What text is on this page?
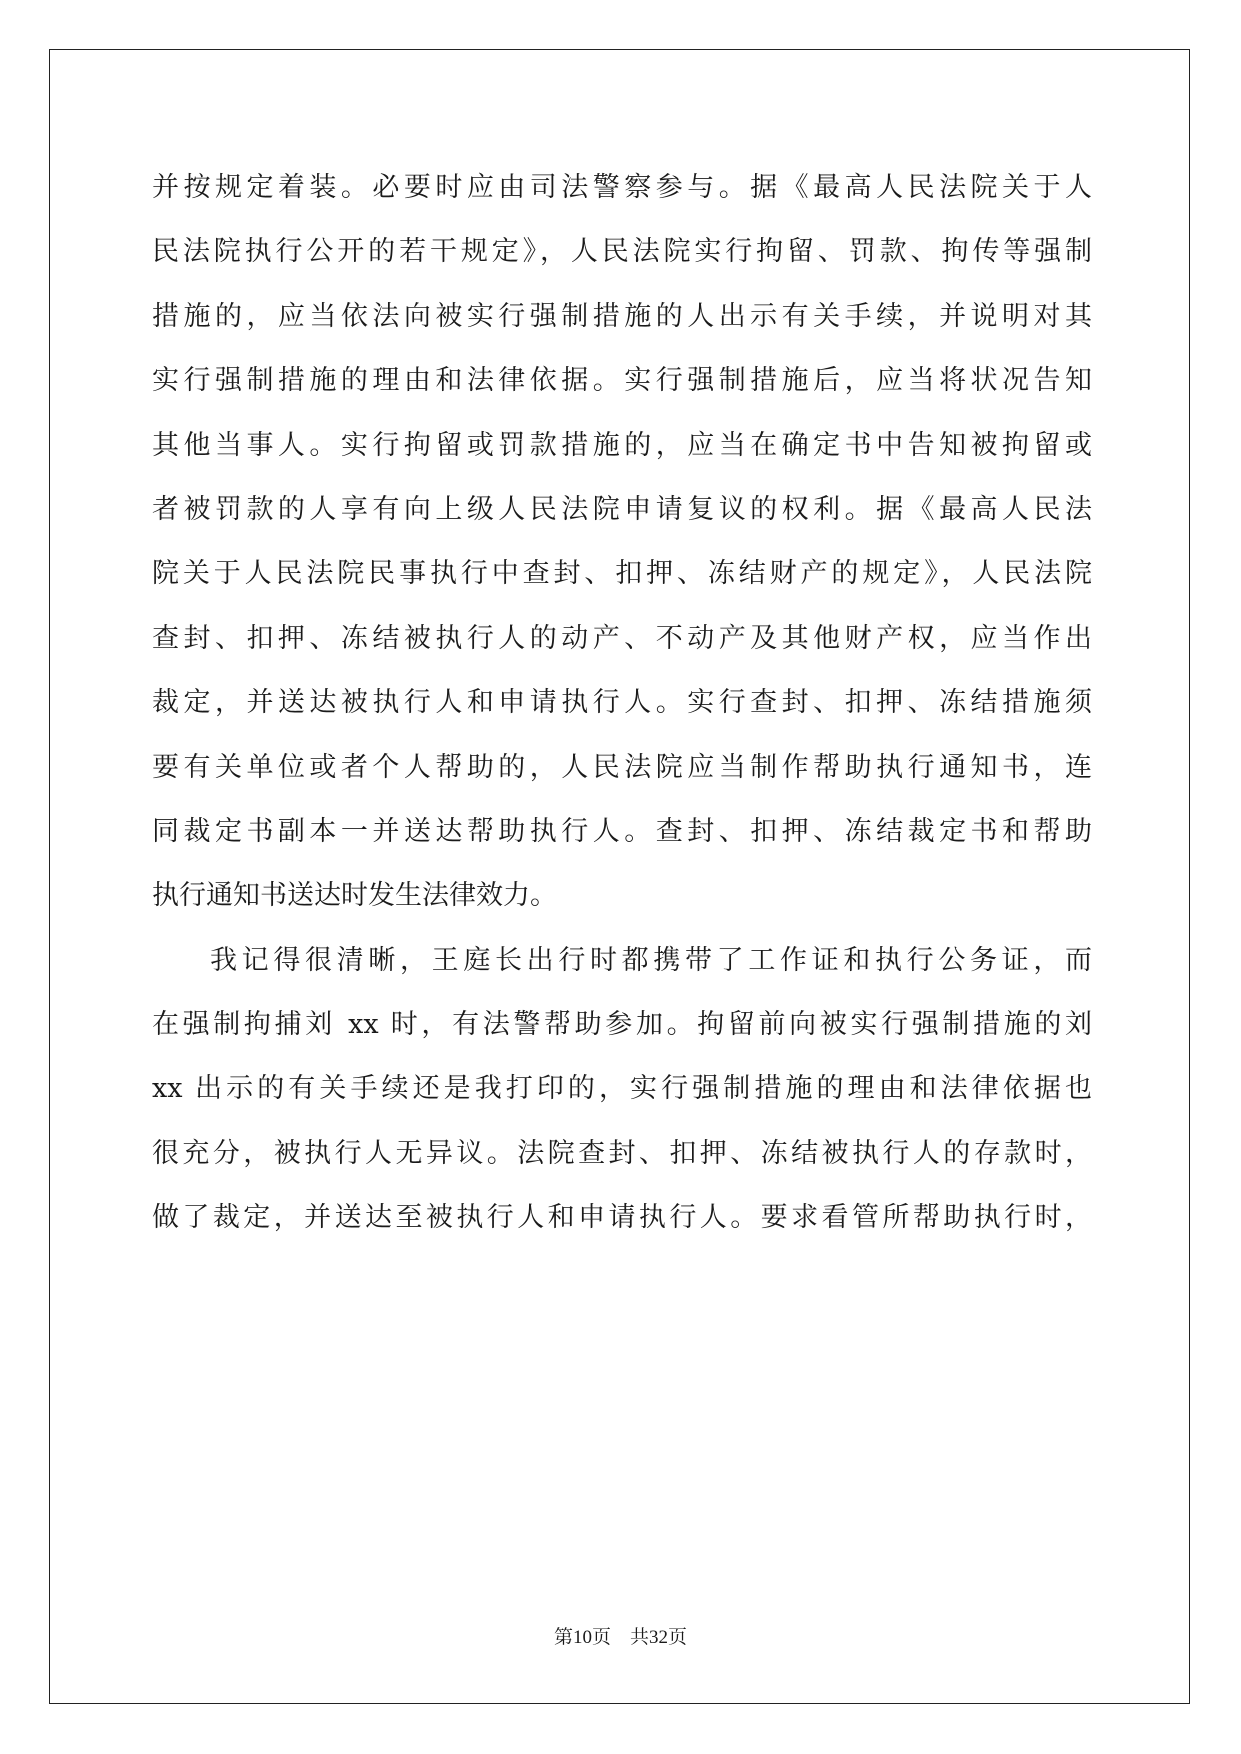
并按规定着装。必要时应由司法警察参与。据《最高人民法院关于人
民法院执行公开的若干规定》，人民法院实行拘留、罚款、拘传等强制
措施的，应当依法向被实行强制措施的人出示有关手续，并说明对其
实行强制措施的理由和法律依据。实行强制措施后，应当将状况告知
其他当事人。实行拘留或罚款措施的，应当在确定书中告知被拘留或
者被罚款的人享有向上级人民法院申请复议的权利。据《最高人民法
院关于人民法院民事执行中查封、扣押、冻结财产的规定》，人民法院
查封、扣押、冻结被执行人的动产、不动产及其他财产权，应当作出
裁定，并送达被执行人和申请执行人。实行查封、扣押、冻结措施须
要有关单位或者个人帮助的，人民法院应当制作帮助执行通知书，连
同裁定书副本一并送达帮助执行人。查封、扣押、冻结裁定书和帮助
执行通知书送达时发生法律效力。
我记得很清晰，王庭长出行时都携带了工作证和执行公务证，而
在强制拘捕刘 xx 时，有法警帮助参加。拘留前向被实行强制措施的刘
xx 出示的有关手续还是我打印的，实行强制措施的理由和法律依据也
很充分，被执行人无异议。法院查封、扣押、冻结被执行人的存款时，
做了裁定，并送达至被执行人和申请执行人。要求看管所帮助执行时，
第10页　共32页
